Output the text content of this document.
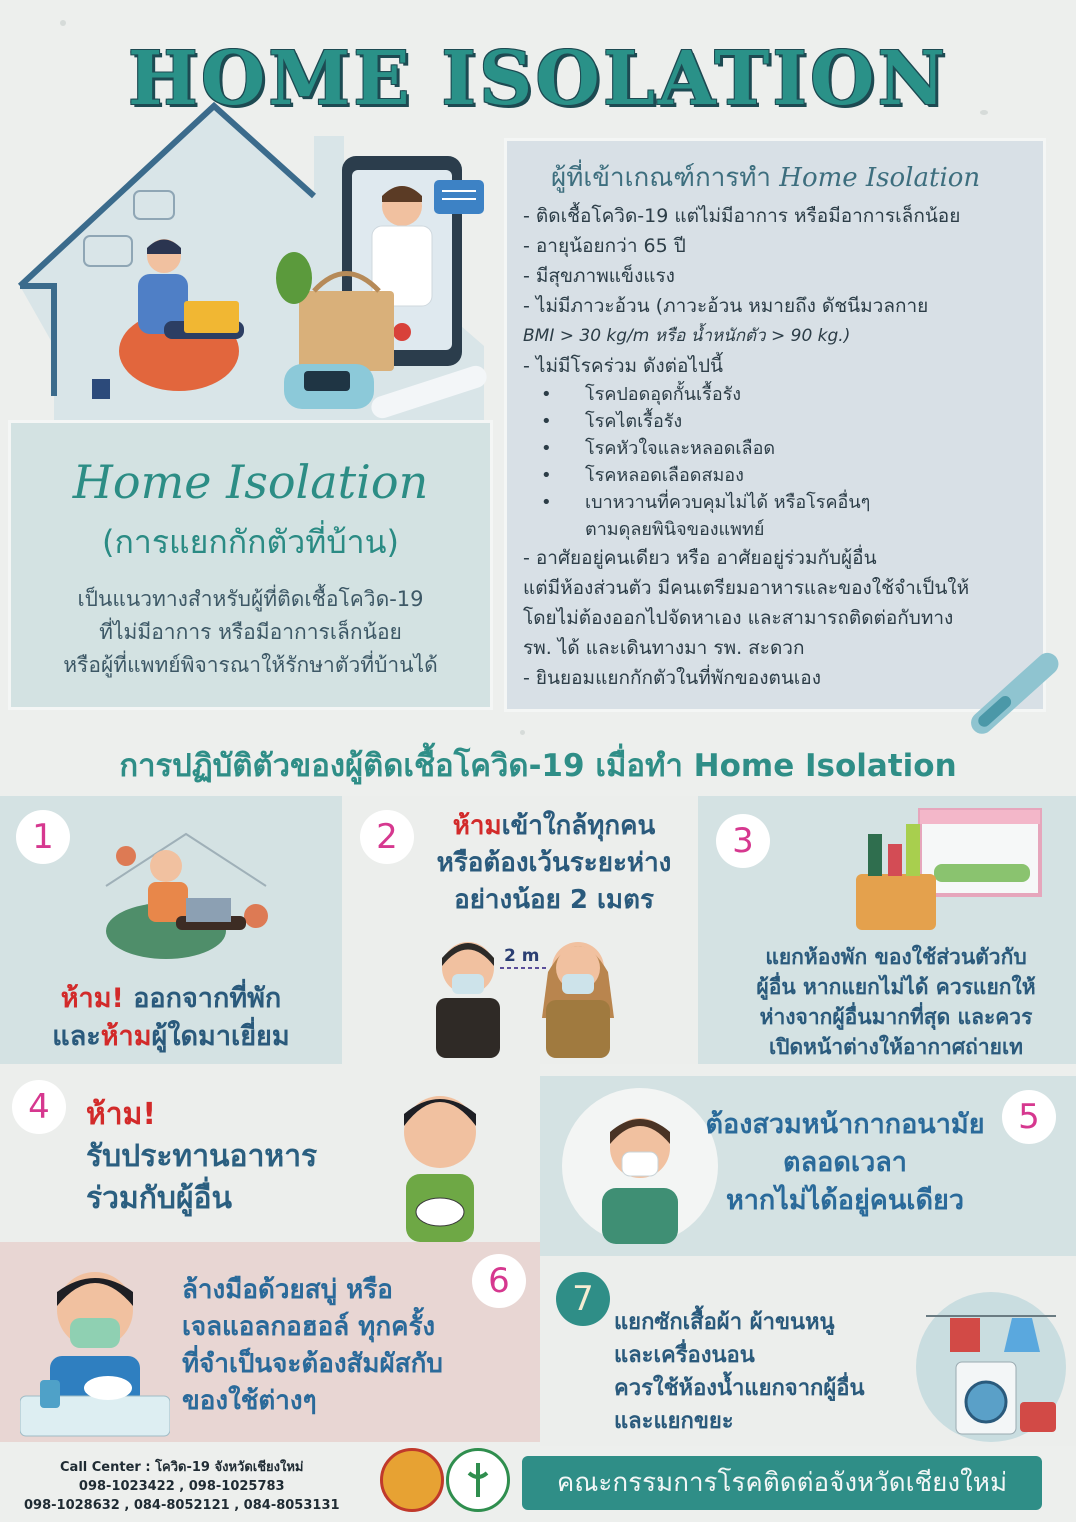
HOME ISOLATION
Home Isolation
(การแยกกักตัวที่บ้าน)
เป็นแนวทางสำหรับผู้ที่ติดเชื้อโควิด-19
ที่ไม่มีอาการ หรือมีอาการเล็กน้อย
หรือผู้ที่แพทย์พิจารณาให้รักษาตัวที่บ้านได้
ผู้ที่เข้าเกณฑ์การทำ Home Isolation
- ติดเชื้อโควิด-19 แต่ไม่มีอาการ หรือมีอาการเล็กน้อย
- อายุน้อยกว่า 65 ปี
- มีสุขภาพแข็งแรง
- ไม่มีภาวะอ้วน (ภาวะอ้วน หมายถึง ดัชนีมวลกาย
BMI > 30 kg/m หรือ น้ำหนักตัว > 90 kg.)
- ไม่มีโรคร่วม ดังต่อไปนี้
• โรคปอดอุดกั้นเรื้อรัง
• โรคไตเรื้อรัง
• โรคหัวใจและหลอดเลือด
• โรคหลอดเลือดสมอง
• เบาหวานที่ควบคุมไม่ได้ หรือโรคอื่นๆ
ตามดุลยพินิจของแพทย์
- อาศัยอยู่คนเดียว หรือ อาศัยอยู่ร่วมกับผู้อื่น
แต่มีห้องส่วนตัว มีคนเตรียมอาหารและของใช้จำเป็นให้
โดยไม่ต้องออกไปจัดหาเอง และสามารถติดต่อกับทาง
รพ. ได้ และเดินทางมา รพ. สะดวก
- ยินยอมแยกกักตัวในที่พักของตนเอง
การปฏิบัติตัวของผู้ติดเชื้อโควิด-19 เมื่อทำ Home Isolation
1
ห้าม! ออกจากที่พัก
และห้ามผู้ใดมาเยี่ยม
2	ห้ามเข้าใกล้ทุกคน
หรือต้องเว้นระยะห่าง
อย่างน้อย 2 เมตร
2 m
3
แยกห้องพัก ของใช้ส่วนตัวกับ
ผู้อื่น หากแยกไม่ได้ ควรแยกให้
ห่างจากผู้อื่นมากที่สุด และควร
เปิดหน้าต่างให้อากาศถ่ายเท
4	ห้าม!
รับประทานอาหาร
ร่วมกับผู้อื่น
ต้องสวมหน้ากากอนามัย
ตลอดเวลา
หากไม่ได้อยู่คนเดียว
5
ล้างมือด้วยสบู่ หรือ
เจลแอลกอฮอล์ ทุกครั้ง
ที่จำเป็นจะต้องสัมผัสกับ
ของใช้ต่างๆ
6	7
แยกซักเสื้อผ้า ผ้าขนหนู
และเครื่องนอน
ควรใช้ห้องน้ำแยกจากผู้อื่น
และแยกขยะ
Call Center : โควิด-19 จังหวัดเชียงใหม่
098-1023422 , 098-1025783
098-1028632 , 084-8052121 , 084-8053131
คณะกรรมการโรคติดต่อจังหวัดเชียงใหม่
